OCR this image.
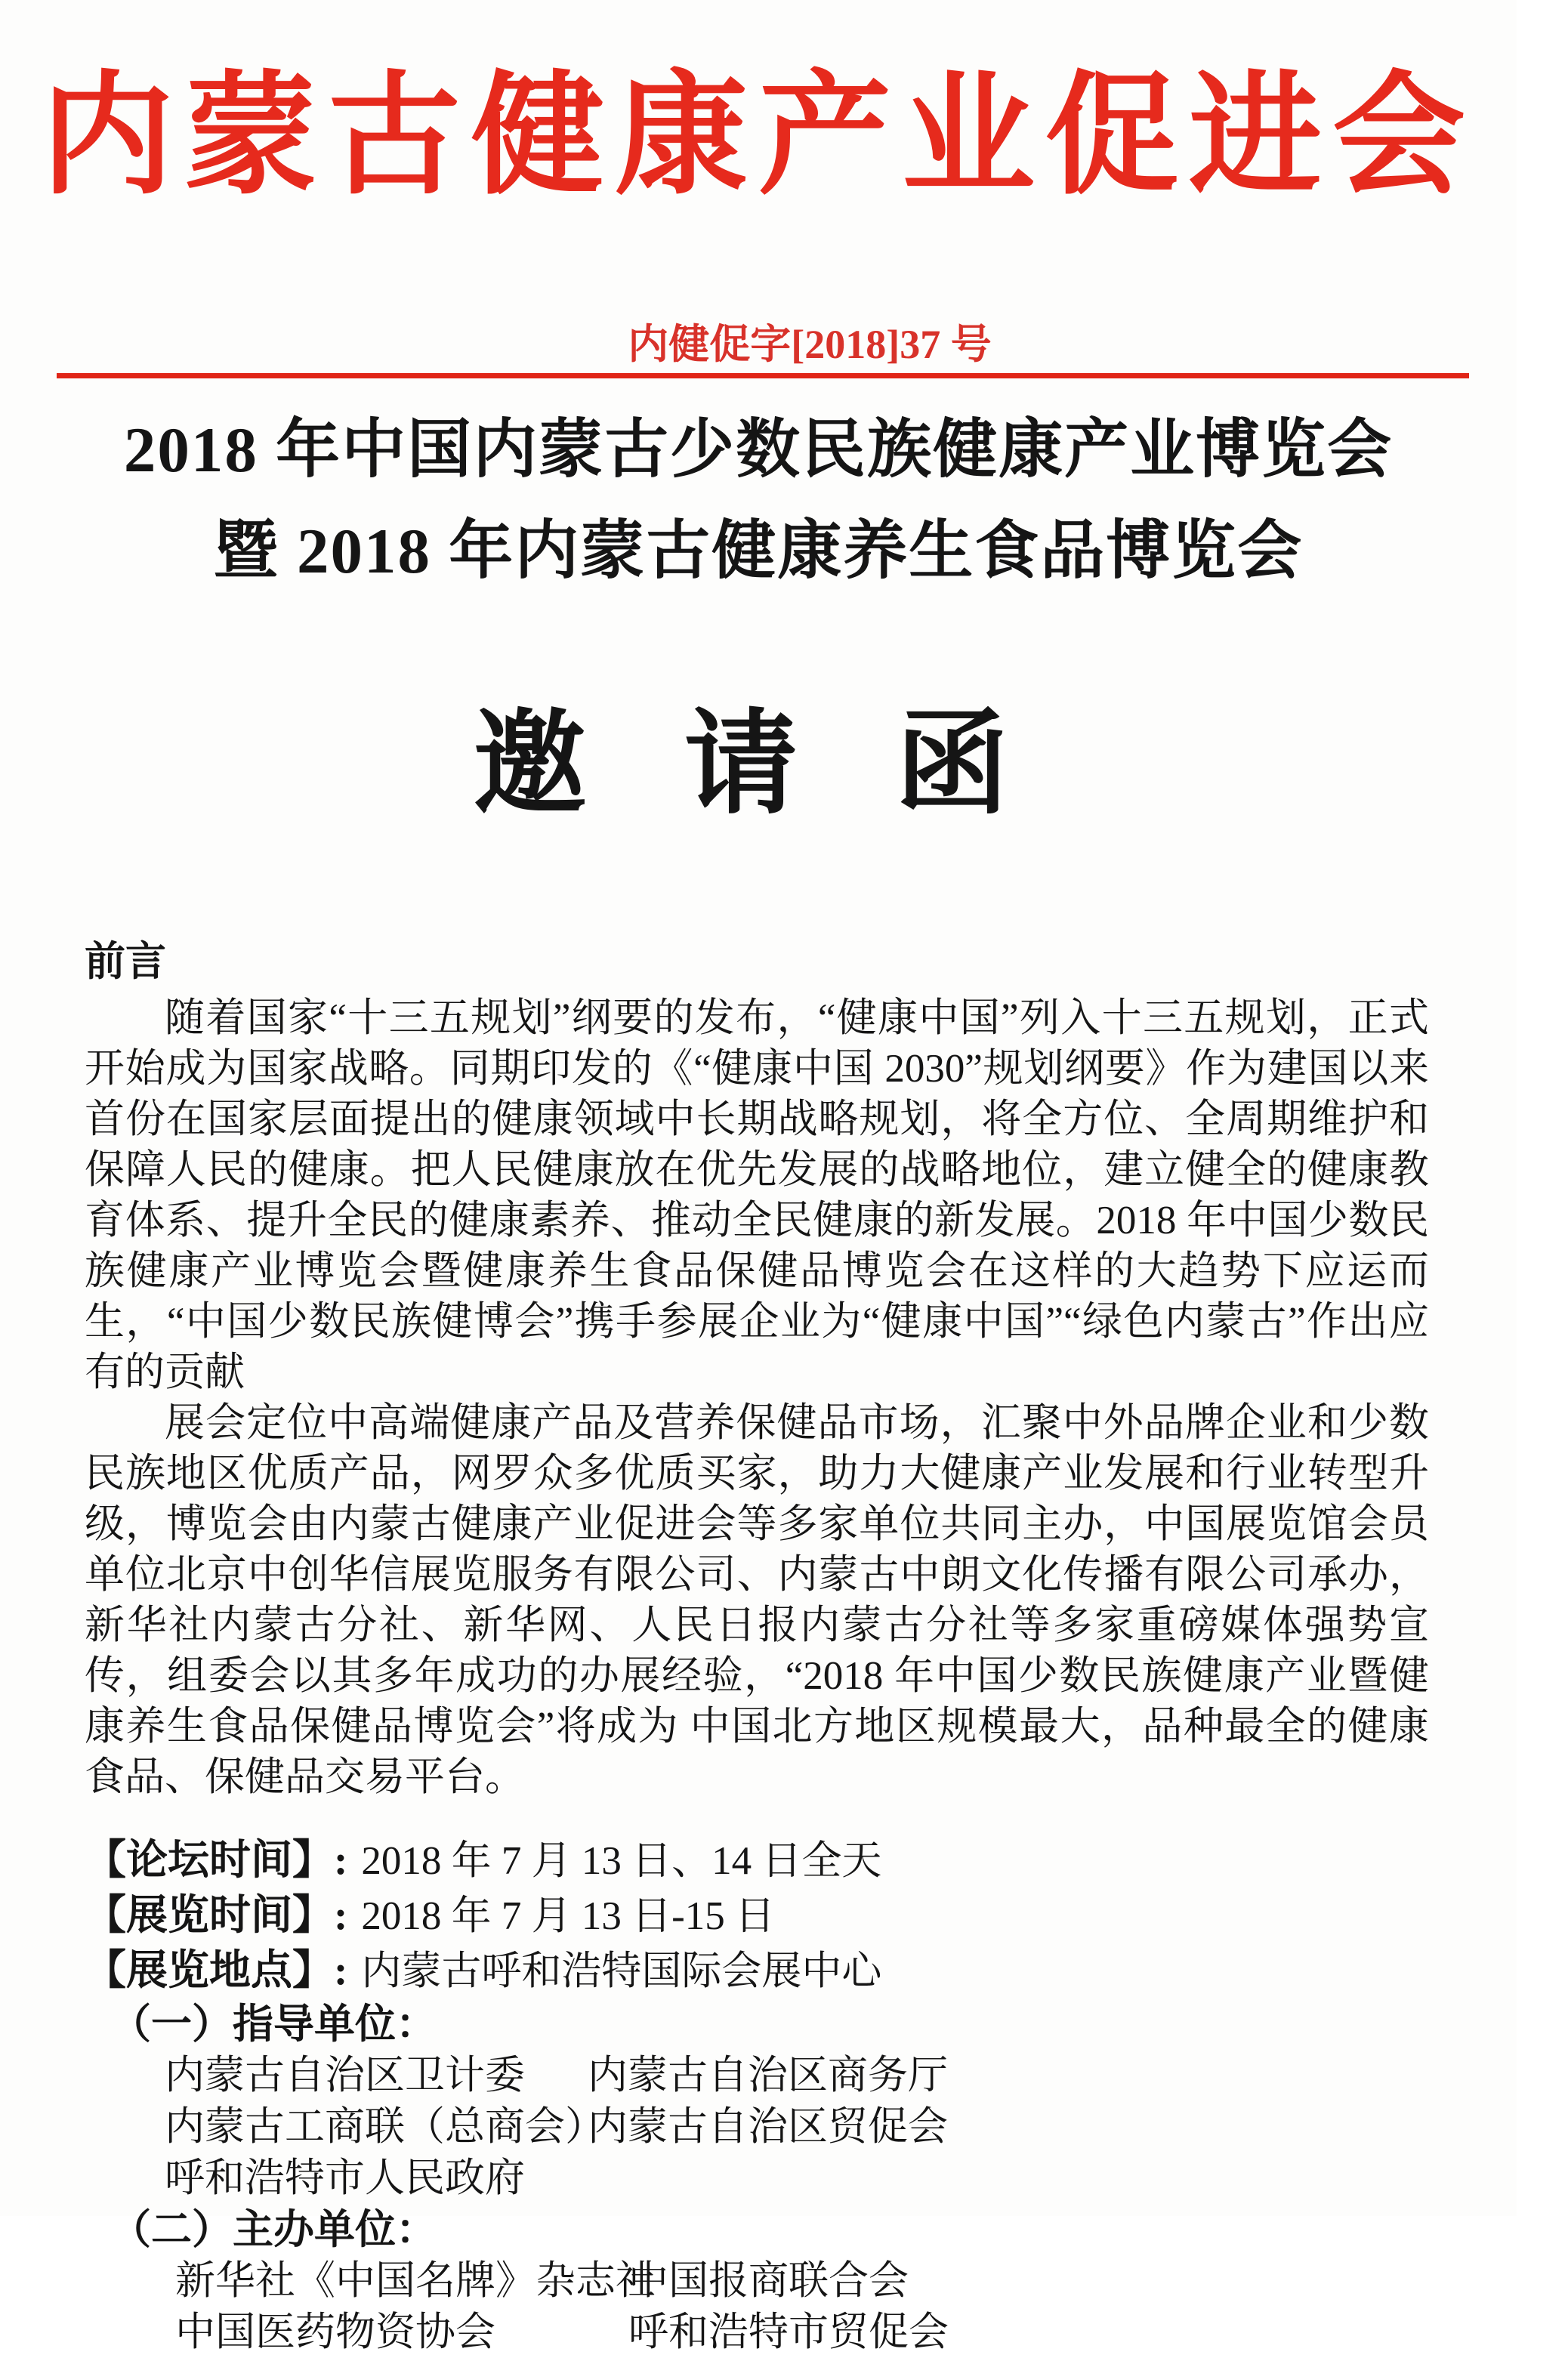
内蒙古健康产业促进会
内健促字[2018]37 号
2018 年中国内蒙古少数民族健康产业博览会
暨 2018 年内蒙古健康养生食品博览会
邀 请 函
前言

随着国家“十三五规划”纲要的发布，“健康中国”列入十三五规划，正式开始成为国家战略。同期印发的《“健康中国 2030”规划纲要》作为建国以来首份在国家层面提出的健康领域中长期战略规划，将全方位、全周期维护和保障人民的健康。把人民健康放在优先发展的战略地位，建立健全的健康教育体系、提升全民的健康素养、推动全民健康的新发展。2018 年中国少数民族健康产业博览会暨健康养生食品保健品博览会在这样的大趋势下应运而生，“中国少数民族健博会”携手参展企业为“健康中国”“绿色内蒙古”作出应有的贡献

展会定位中高端健康产品及营养保健品市场，汇聚中外品牌企业和少数民族地区优质产品，网罗众多优质买家，助力大健康产业发展和行业转型升级，博览会由内蒙古健康产业促进会等多家单位共同主办，中国展览馆会员单位北京中创华信展览服务有限公司、内蒙古中朗文化传播有限公司承办，新华社内蒙古分社、新华网、人民日报内蒙古分社等多家重磅媒体强势宣传，组委会以其多年成功的办展经验，“2018 年中国少数民族健康产业暨健康养生食品保健品博览会”将成为 中国北方地区规模最大，品种最全的健康食品、保健品交易平台。

【论坛时间】: 2018 年 7 月 13 日、14 日全天
【展览时间】: 2018 年 7 月 13 日-15 日
【展览地点】: 内蒙古呼和浩特国际会展中心
（一）指导单位：
内蒙古自治区卫计委	内蒙古自治区商务厅
内蒙古工商联（总商会）
内蒙古自治区贸促会
呼和浩特市人民政府
（二）主办单位：
新华社《中国名牌》杂志社
中国报商联合会
中国医药物资协会	呼和浩特市贸促会
